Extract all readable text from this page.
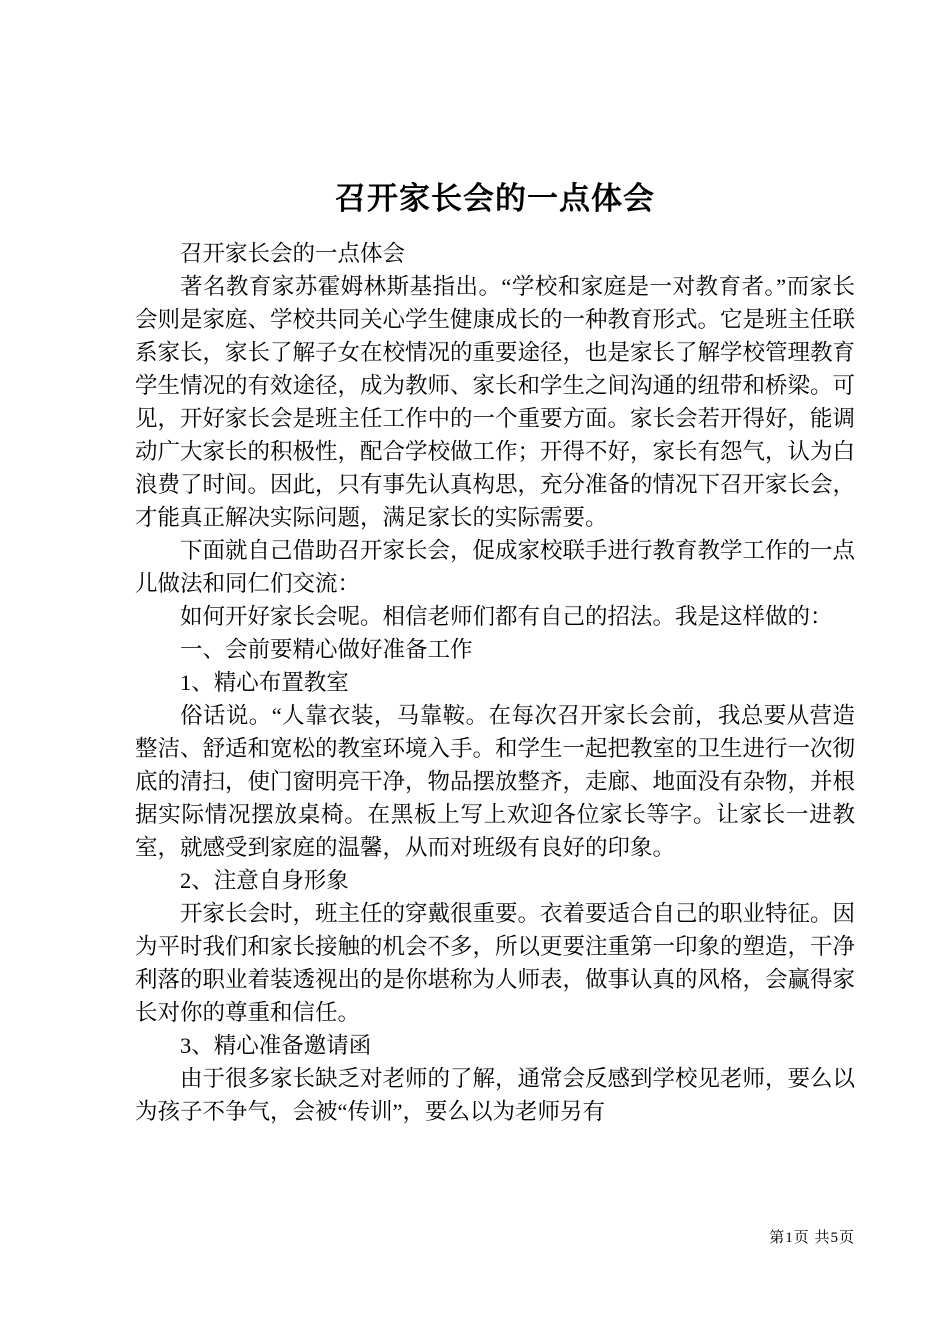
召开家长会的一点体会

召开家长会的一点体会

著名教育家苏霍姆林斯基指出。“学校和家庭是一对教育者。”而家长会则是家庭、学校共同关心学生健康成长的一种教育形式。它是班主任联系家长，家长了解子女在校情况的重要途径，也是家长了解学校管理教育学生情况的有效途径，成为教师、家长和学生之间沟通的纽带和桥梁。可见，开好家长会是班主任工作中的一个重要方面。家长会若开得好，能调动广大家长的积极性，配合学校做工作；开得不好，家长有怨气，认为白浪费了时间。因此，只有事先认真构思，充分准备的情况下召开家长会，才能真正解决实际问题，满足家长的实际需要。

下面就自己借助召开家长会，促成家校联手进行教育教学工作的一点儿做法和同仁们交流：

如何开好家长会呢。相信老师们都有自己的招法。我是这样做的：

一、会前要精心做好准备工作

1、精心布置教室

俗话说。“人靠衣装，马靠鞍。在每次召开家长会前，我总要从营造整洁、舒适和宽松的教室环境入手。和学生一起把教室的卫生进行一次彻底的清扫，使门窗明亮干净，物品摆放整齐，走廊、地面没有杂物，并根据实际情况摆放桌椅。在黑板上写上欢迎各位家长等字。让家长一进教室，就感受到家庭的温馨，从而对班级有良好的印象。

2、注意自身形象

开家长会时，班主任的穿戴很重要。衣着要适合自己的职业特征。因为平时我们和家长接触的机会不多，所以更要注重第一印象的塑造，干净利落的职业着装透视出的是你堪称为人师表，做事认真的风格，会赢得家长对你的尊重和信任。

3、精心准备邀请函

由于很多家长缺乏对老师的了解，通常会反感到学校见老师，要么以为孩子不争气，会被“传训”，要么以为老师另有

第1页 共5页
